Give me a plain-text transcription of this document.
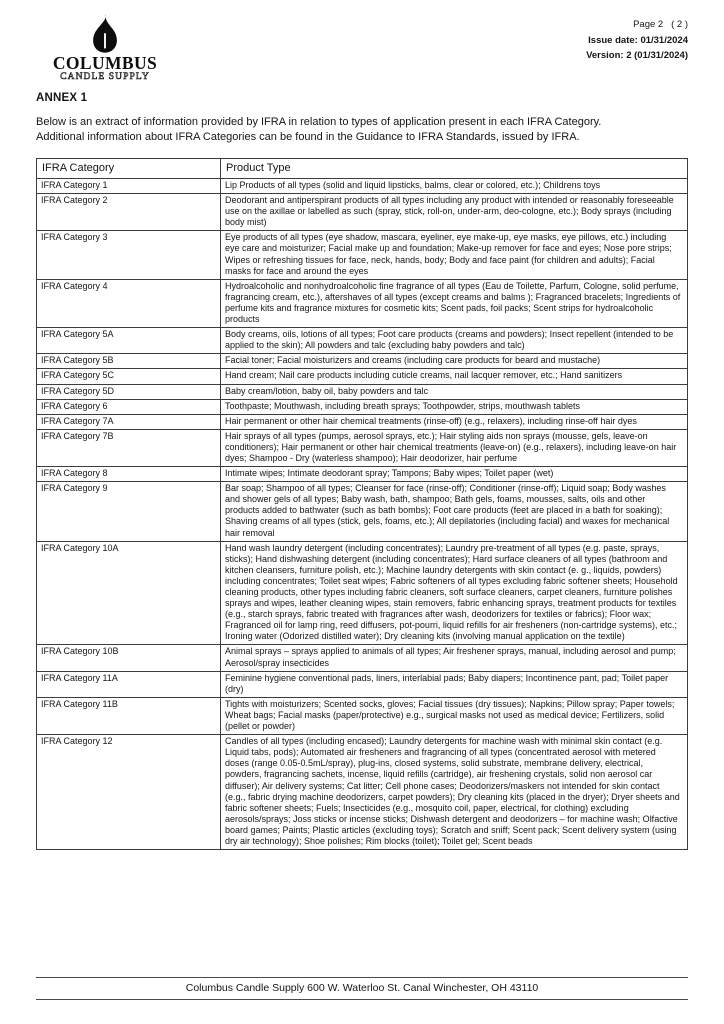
COLUMBUS
CANDLE SUPPLY
Page 2   ( 2 )
Issue date: 01/31/2024
Version: 2 (01/31/2024)
ANNEX 1
Below is an extract of information provided by IFRA in relation to types of application present in each IFRA Category.
Additional information about IFRA Categories can be found in the Guidance to IFRA Standards, issued by IFRA.
IFRA Category	Product Type
IFRA Category 1	Lip Products of all types (solid and liquid lipsticks, balms, clear or colored, etc.); Childrens toys
IFRA Category 2	Deodorant and antiperspirant products of all types including any product with intended or reasonably foreseeable use on the axillae or labelled as such (spray, stick, roll-on, under-arm, deo-cologne, etc.); Body sprays (including body mist)
IFRA Category 3	Eye products of all types (eye shadow, mascara, eyeliner, eye make-up, eye masks, eye pillows, etc.) including eye care and moisturizer; Facial make up and foundation; Make-up remover for face and eyes; Nose pore strips; Wipes or refreshing tissues for face, neck, hands, body; Body and face paint (for children and adults); Facial masks for face and around the eyes
IFRA Category 4	Hydroalcoholic and nonhydroalcoholic fine fragrance of all types (Eau de Toilette, Parfum, Cologne, solid perfume, fragrancing cream, etc.), aftershaves of all types (except creams and balms ); Fragranced bracelets; Ingredients of perfume kits and fragrance mixtures for cosmetic kits; Scent pads, foil packs; Scent strips for hydroalcoholic products
IFRA Category 5A	Body creams, oils, lotions of all types; Foot care products (creams and powders); Insect repellent (intended to be applied to the skin); All powders and talc (excluding baby powders and talc)
IFRA Category 5B	Facial toner; Facial moisturizers and creams (including care products for beard and mustache)
IFRA Category 5C	Hand cream; Nail care products including cuticle creams, nail lacquer remover, etc.; Hand sanitizers
IFRA Category 5D	Baby cream/lotion, baby oil, baby powders and talc
IFRA Category 6	Toothpaste; Mouthwash, including breath sprays; Toothpowder, strips, mouthwash tablets
IFRA Category 7A	Hair permanent or other hair chemical treatments (rinse-off) (e.g., relaxers), including rinse-off hair dyes
IFRA Category 7B	Hair sprays of all types (pumps, aerosol sprays, etc.); Hair styling aids non sprays (mousse, gels, leave-on conditioners); Hair permanent or other hair chemical treatments (leave-on) (e.g., relaxers), including leave-on hair dyes; Shampoo - Dry (waterless shampoo); Hair deodorizer, hair perfume
IFRA Category 8	Intimate wipes; Intimate deodorant spray; Tampons; Baby wipes; Toilet paper (wet)
IFRA Category 9	Bar soap; Shampoo of all types; Cleanser for face (rinse-off); Conditioner (rinse-off); Liquid soap; Body washes and shower gels of all types; Baby wash, bath, shampoo; Bath gels, foams, mousses, salts, oils and other products added to bathwater (such as bath bombs); Foot care products (feet are placed in a bath for soaking); Shaving creams of all types (stick, gels, foams, etc.); All depilatories (including facial) and waxes for mechanical hair removal
IFRA Category 10A	Hand wash laundry detergent (including concentrates); Laundry pre-treatment of all types (e.g. paste, sprays, sticks); Hand dishwashing detergent (including concentrates); Hard surface cleaners of all types (bathroom and kitchen cleansers, furniture polish, etc.); Machine laundry detergents with skin contact (e. g., liquids, powders) including concentrates; Toilet seat wipes; Fabric softeners of all types excluding fabric softener sheets; Household cleaning products, other types including fabric cleaners, soft surface cleaners, carpet cleaners, furniture polishes sprays and wipes, leather cleaning wipes, stain removers, fabric enhancing sprays, treatment products for textiles (e.g., starch sprays, fabric treated with fragrances after wash, deodorizers for textiles or fabrics); Floor wax; Fragranced oil for lamp ring, reed diffusers, pot-pourri, liquid refills for air fresheners (non-cartridge systems), etc.; Ironing water (Odorized distilled water); Dry cleaning kits (involving manual application on the textile)
IFRA Category 10B	Animal sprays – sprays applied to animals of all types; Air freshener sprays, manual, including aerosol and pump; Aerosol/spray insecticides
IFRA Category 11A	Feminine hygiene conventional pads, liners, interlabial pads; Baby diapers; Incontinence pant, pad; Toilet paper (dry)
IFRA Category 11B	Tights with moisturizers; Scented socks, gloves; Facial tissues (dry tissues); Napkins; Pillow spray; Paper towels; Wheat bags; Facial masks (paper/protective) e.g., surgical masks not used as medical device; Fertilizers, solid (pellet or powder)
IFRA Category 12	Candles of all types (including encased); Laundry detergents for machine wash with minimal skin contact (e.g. Liquid tabs, pods); Automated air fresheners and fragrancing of all types (concentrated aerosol with metered doses (range 0.05-0.5mL/spray), plug-ins, closed systems, solid substrate, membrane delivery, electrical, powders, fragrancing sachets, incense, liquid refills (cartridge), air freshening crystals, solid non aerosol car diffuser); Air delivery systems; Cat litter; Cell phone cases; Deodorizers/maskers not intended for skin contact (e.g., fabric drying machine deodorizers, carpet powders); Dry cleaning kits (placed in the dryer); Dryer sheets and fabric softener sheets; Fuels; Insecticides (e.g., mosquito coil, paper, electrical, for clothing) excluding aerosols/sprays; Joss sticks or incense sticks; Dishwash detergent and deodorizers – for machine wash; Olfactive board games; Paints; Plastic articles (excluding toys); Scratch and sniff; Scent pack; Scent delivery system (using dry air technology); Shoe polishes; Rim blocks (toilet); Toilet gel; Scent beads
Columbus Candle Supply 600 W. Waterloo St. Canal Winchester, OH 43110
